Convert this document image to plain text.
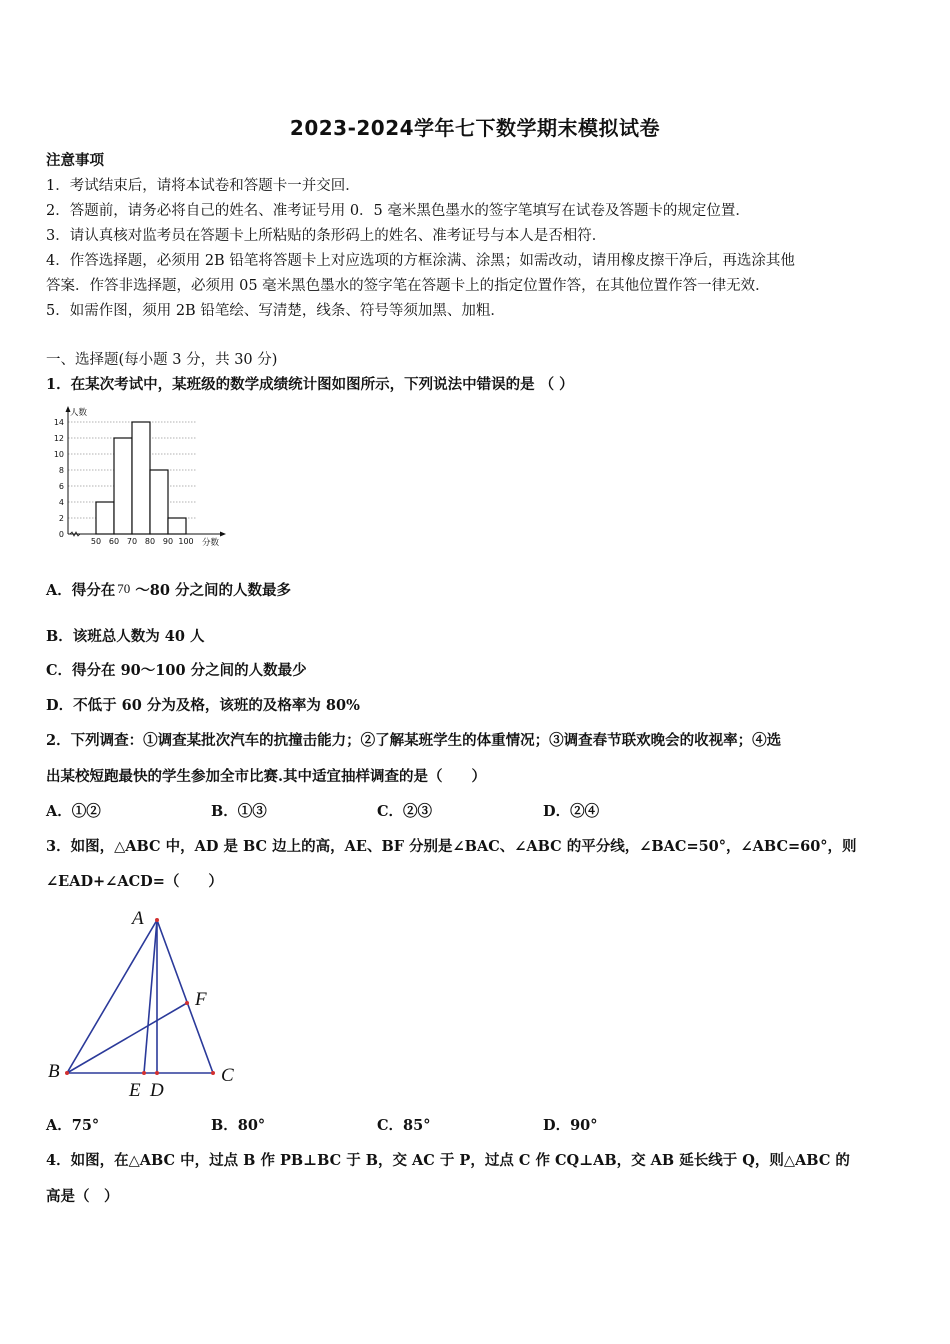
2023-2024学年七下数学期末模拟试卷
注意事项
1．考试结束后，请将本试卷和答题卡一并交回．
2．答题前，请务必将自己的姓名、准考证号用 0．5 毫米黑色墨水的签字笔填写在试卷及答题卡的规定位置．
3．请认真核对监考员在答题卡上所粘贴的条形码上的姓名、准考证号与本人是否相符．
4．作答选择题，必须用 2B 铅笔将答题卡上对应选项的方框涂满、涂黑；如需改动，请用橡皮擦干净后，再选涂其他
答案．作答非选择题，必须用 05 毫米黑色墨水的签字笔在答题卡上的指定位置作答，在其他位置作答一律无效．
5．如需作图，须用 2B 铅笔绘、写清楚，线条、符号等须加黑、加粗．
一、选择题(每小题 3 分，共 30 分)
1．在某次考试中，某班级的数学成绩统计图如图所示，下列说法中错误的是 （ ）
0
2
4
6
8
10
12
14
50 60 70 80 90 100
人数
分数
A．得分在 70 ～80 分之间的人数最多
B．该班总人数为 40 人
C．得分在 90～100 分之间的人数最少
D．不低于 60 分为及格，该班的及格率为 80%
2．下列调查：①调查某批次汽车的抗撞击能力；②了解某班学生的体重情况；③调查春节联欢晚会的收视率；④选
出某校短跑最快的学生参加全市比赛.其中适宜抽样调查的是（　　）
A．①②	B．①③	C．②③	D．②④
3．如图，△ABC 中，AD 是 BC 边上的高，AE、BF 分别是∠BAC、∠ABC 的平分线，∠BAC=50°，∠ABC=60°，则
∠EAD+∠ACD=（　　）
A
B	C
D
E
F
A．75°	B．80°	C．85°	D．90°
4．如图，在△ABC 中，过点 B 作 PB⊥BC 于 B，交 AC 于 P，过点 C 作 CQ⊥AB，交 AB 延长线于 Q，则△ABC 的
高是（　）
